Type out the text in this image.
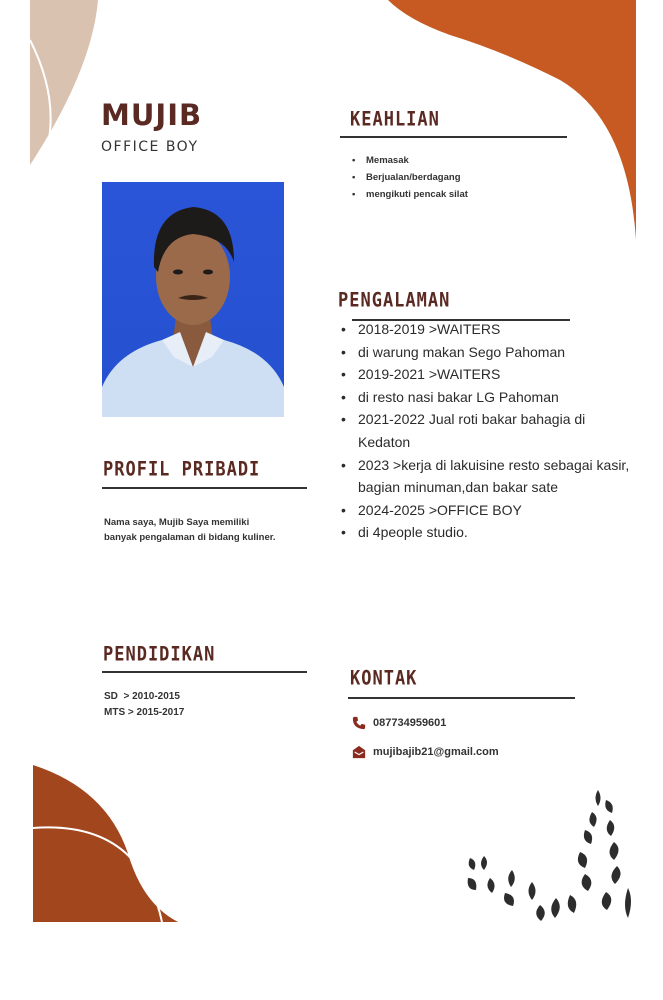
MUJIB

OFFICE BOY

KEAHLIAN
• Memasak
• Berjualan/berdagang
• mengikuti pencak silat
PENGALAMAN
• 2018-2019 >WAITERS
• di warung makan Sego Pahoman
• 2019-2021 >WAITERS
• di resto nasi bakar LG Pahoman
• 2021-2022 Jual roti bakar bahagia di Kedaton
• 2023 >kerja di lakuisine resto sebagai kasir, bagian minuman,dan bakar sate
• 2024-2025 >OFFICE BOY
• di 4people studio.
PROFIL PRIBADI

Nama saya, Mujib Saya memiliki

banyak pengalaman di bidang kuliner.

PENDIDIKAN
SD  > 2010-2015
MTS > 2015-2017
KONTAK
087734959601
mujibajib21@gmail.com
